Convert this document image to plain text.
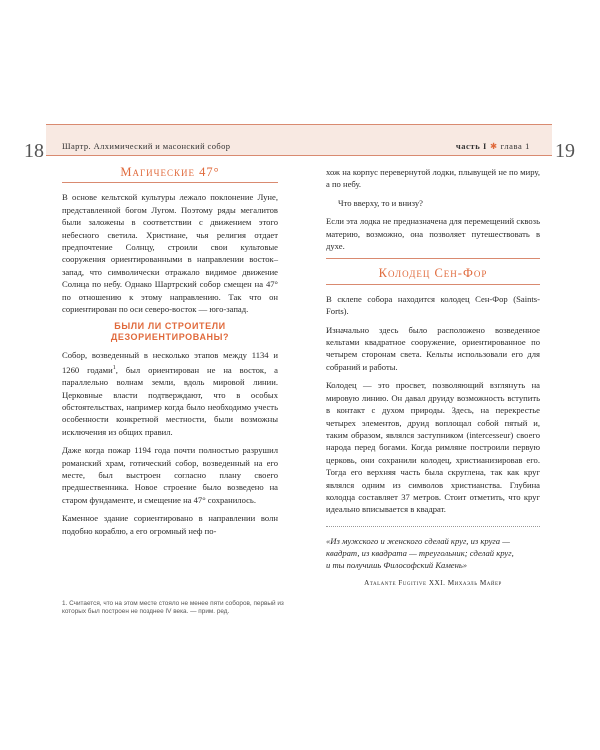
18	19
Шартр. Алхимический и масонский собор	часть I ✱ глава 1
Магические 47°

В основе кельтской культуры лежало поклонение Луне, представленной богом Лугом. Поэтому ряды мегалитов были заложены в соответствии с движением этого небесного светила. Христиане, чья религия отдает предпочтение Солнцу, строили свои культовые сооружения ориентированными в направлении восток–запад, что символически отражало видимое движение Солнца по небу. Однако Шартрский собор смещен на 47° по отношению к этому направлению. Так что он сориентирован по оси северо-восток — юго-запад.

БЫЛИ ЛИ СТРОИТЕЛИ
ДЕЗОРИЕНТИРОВАНЫ?

Собор, возведенный в несколько этапов между 1134 и 1260 годами$^1$, был ориентирован не на восток, а параллельно волнам земли, вдоль мировой линии. Церковные власти подтверждают, что в особых обстоятельствах, например когда было необходимо учесть особенности конкретной местности, были возможны исключения из общих правил.

Даже когда пожар 1194 года почти полностью разрушил романский храм, готический собор, возведенный на его месте, был выстроен согласно плану своего предшественника. Новое строение было возведено на старом фундаменте, и смещение на 47° сохранилось.

Каменное здание сориентировано в направлении волн подобно кораблю, а его огромный неф по-

1. Считается, что на этом месте стояло не менее пяти соборов, первый из которых был построен не позднее IV века. — прим. ред.

хож на корпус перевернутой лодки, плывущей не по миру, а по небу.

Что вверху, то и внизу?

Если эта лодка не предназначена для перемещений сквозь материю, возможно, она позволяет путешествовать в духе.

Колодец Сен-Фор

В склепе собора находится колодец Сен-Фор (Saints-Forts).

Изначально здесь было расположено возведенное кельтами квадратное сооружение, ориентированное по четырем сторонам света. Кельты использовали его для собраний и работы.

Колодец — это просвет, позволяющий взглянуть на мировую линию. Он давал друиду возможность вступить в контакт с духом природы. Здесь, на перекрестье четырех элементов, друид воплощал собой пятый и, таким образом, являлся заступником (intercesseur) своего народа перед богами. Когда римляне построили первую церковь, они сохранили колодец, христианизировав его. Тогда его верхняя часть была скруглена, так как круг являлся одним из символов христианства. Глубина колодца составляет 37 метров. Стоит отметить, что круг идеально вписывается в квадрат.

«Из мужского и женского сделай круг, из круга —
квадрат, из квадрата — треугольник; сделай круг,
и ты получишь Философский Камень»

Atalante Fugitive XXI. Михаэль Майер
